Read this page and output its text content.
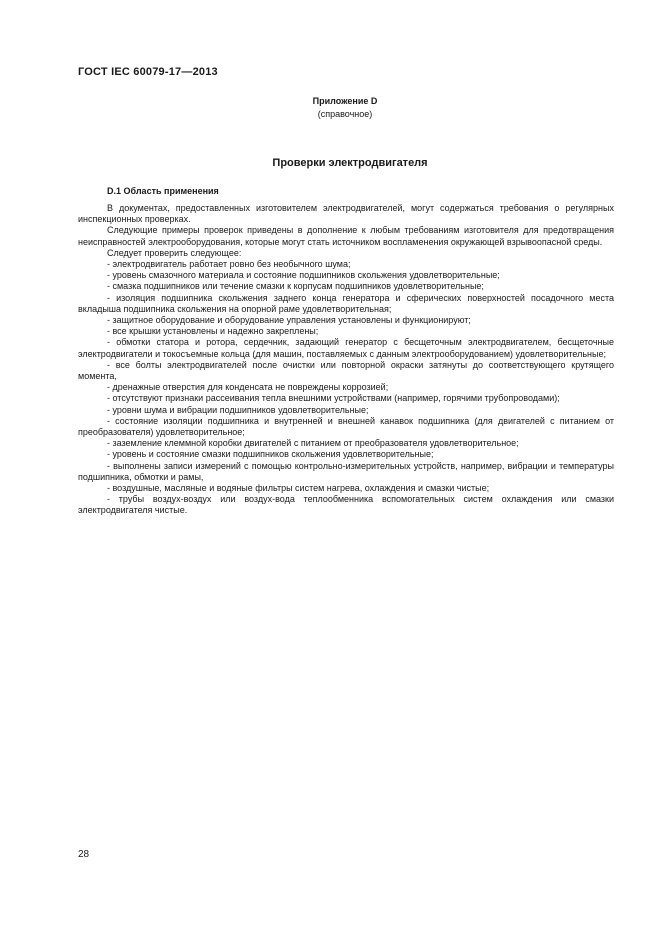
ГОСТ IEC 60079-17—2013
Приложение D
(справочное)
Проверки электродвигателя
D.1 Область применения

В документах, предоставленных изготовителем электродвигателей, могут содержаться требования о регулярных инспекционных проверках.

Следующие примеры проверок приведены в дополнение к любым требованиям изготовителя для предотвращения неисправностей электрооборудования, которые могут стать источником воспламенения окружающей взрывоопасной среды.

Следует проверить следующее:

- электродвигатель работает ровно без необычного шума;

- уровень смазочного материала и состояние подшипников скольжения удовлетворительные;

- смазка подшипников или течение смазки к корпусам подшипников удовлетворительные;

- изоляция подшипника скольжения заднего конца генератора и сферических поверхностей посадочного места вкладыша подшипника скольжения на опорной раме удовлетворительная;

- защитное оборудование и оборудование управления установлены и функционируют;

- все крышки установлены и надежно закреплены;

- обмотки статора и ротора, сердечник, задающий генератор с бесщеточным электродвигателем, бесщеточные электродвигатели и токосъемные кольца (для машин, поставляемых с данным электрооборудованием) удовлетворительные;

- все болты электродвигателей после очистки или повторной окраски затянуты до соответствующего крутящего момента,

- дренажные отверстия для конденсата не повреждены коррозией;

- отсутствуют признаки рассеивания тепла внешними устройствами (например, горячими трубопроводами);

- уровни шума и вибрации подшипников удовлетворительные;

- состояние изоляции подшипника и внутренней и внешней канавок подшипника (для двигателей с питанием от преобразователя) удовлетворительное;

- заземление клеммной коробки двигателей с питанием от преобразователя удовлетворительное;

- уровень и состояние смазки подшипников скольжения удовлетворительные;

- выполнены записи измерений с помощью контрольно-измерительных устройств, например, вибрации и температуры подшипника, обмотки и рамы,

- воздушные, масляные и водяные фильтры систем нагрева, охлаждения и смазки чистые;

- трубы воздух-воздух или воздух-вода теплообменника вспомогательных систем охлаждения или смазки электродвигателя чистые.

28
